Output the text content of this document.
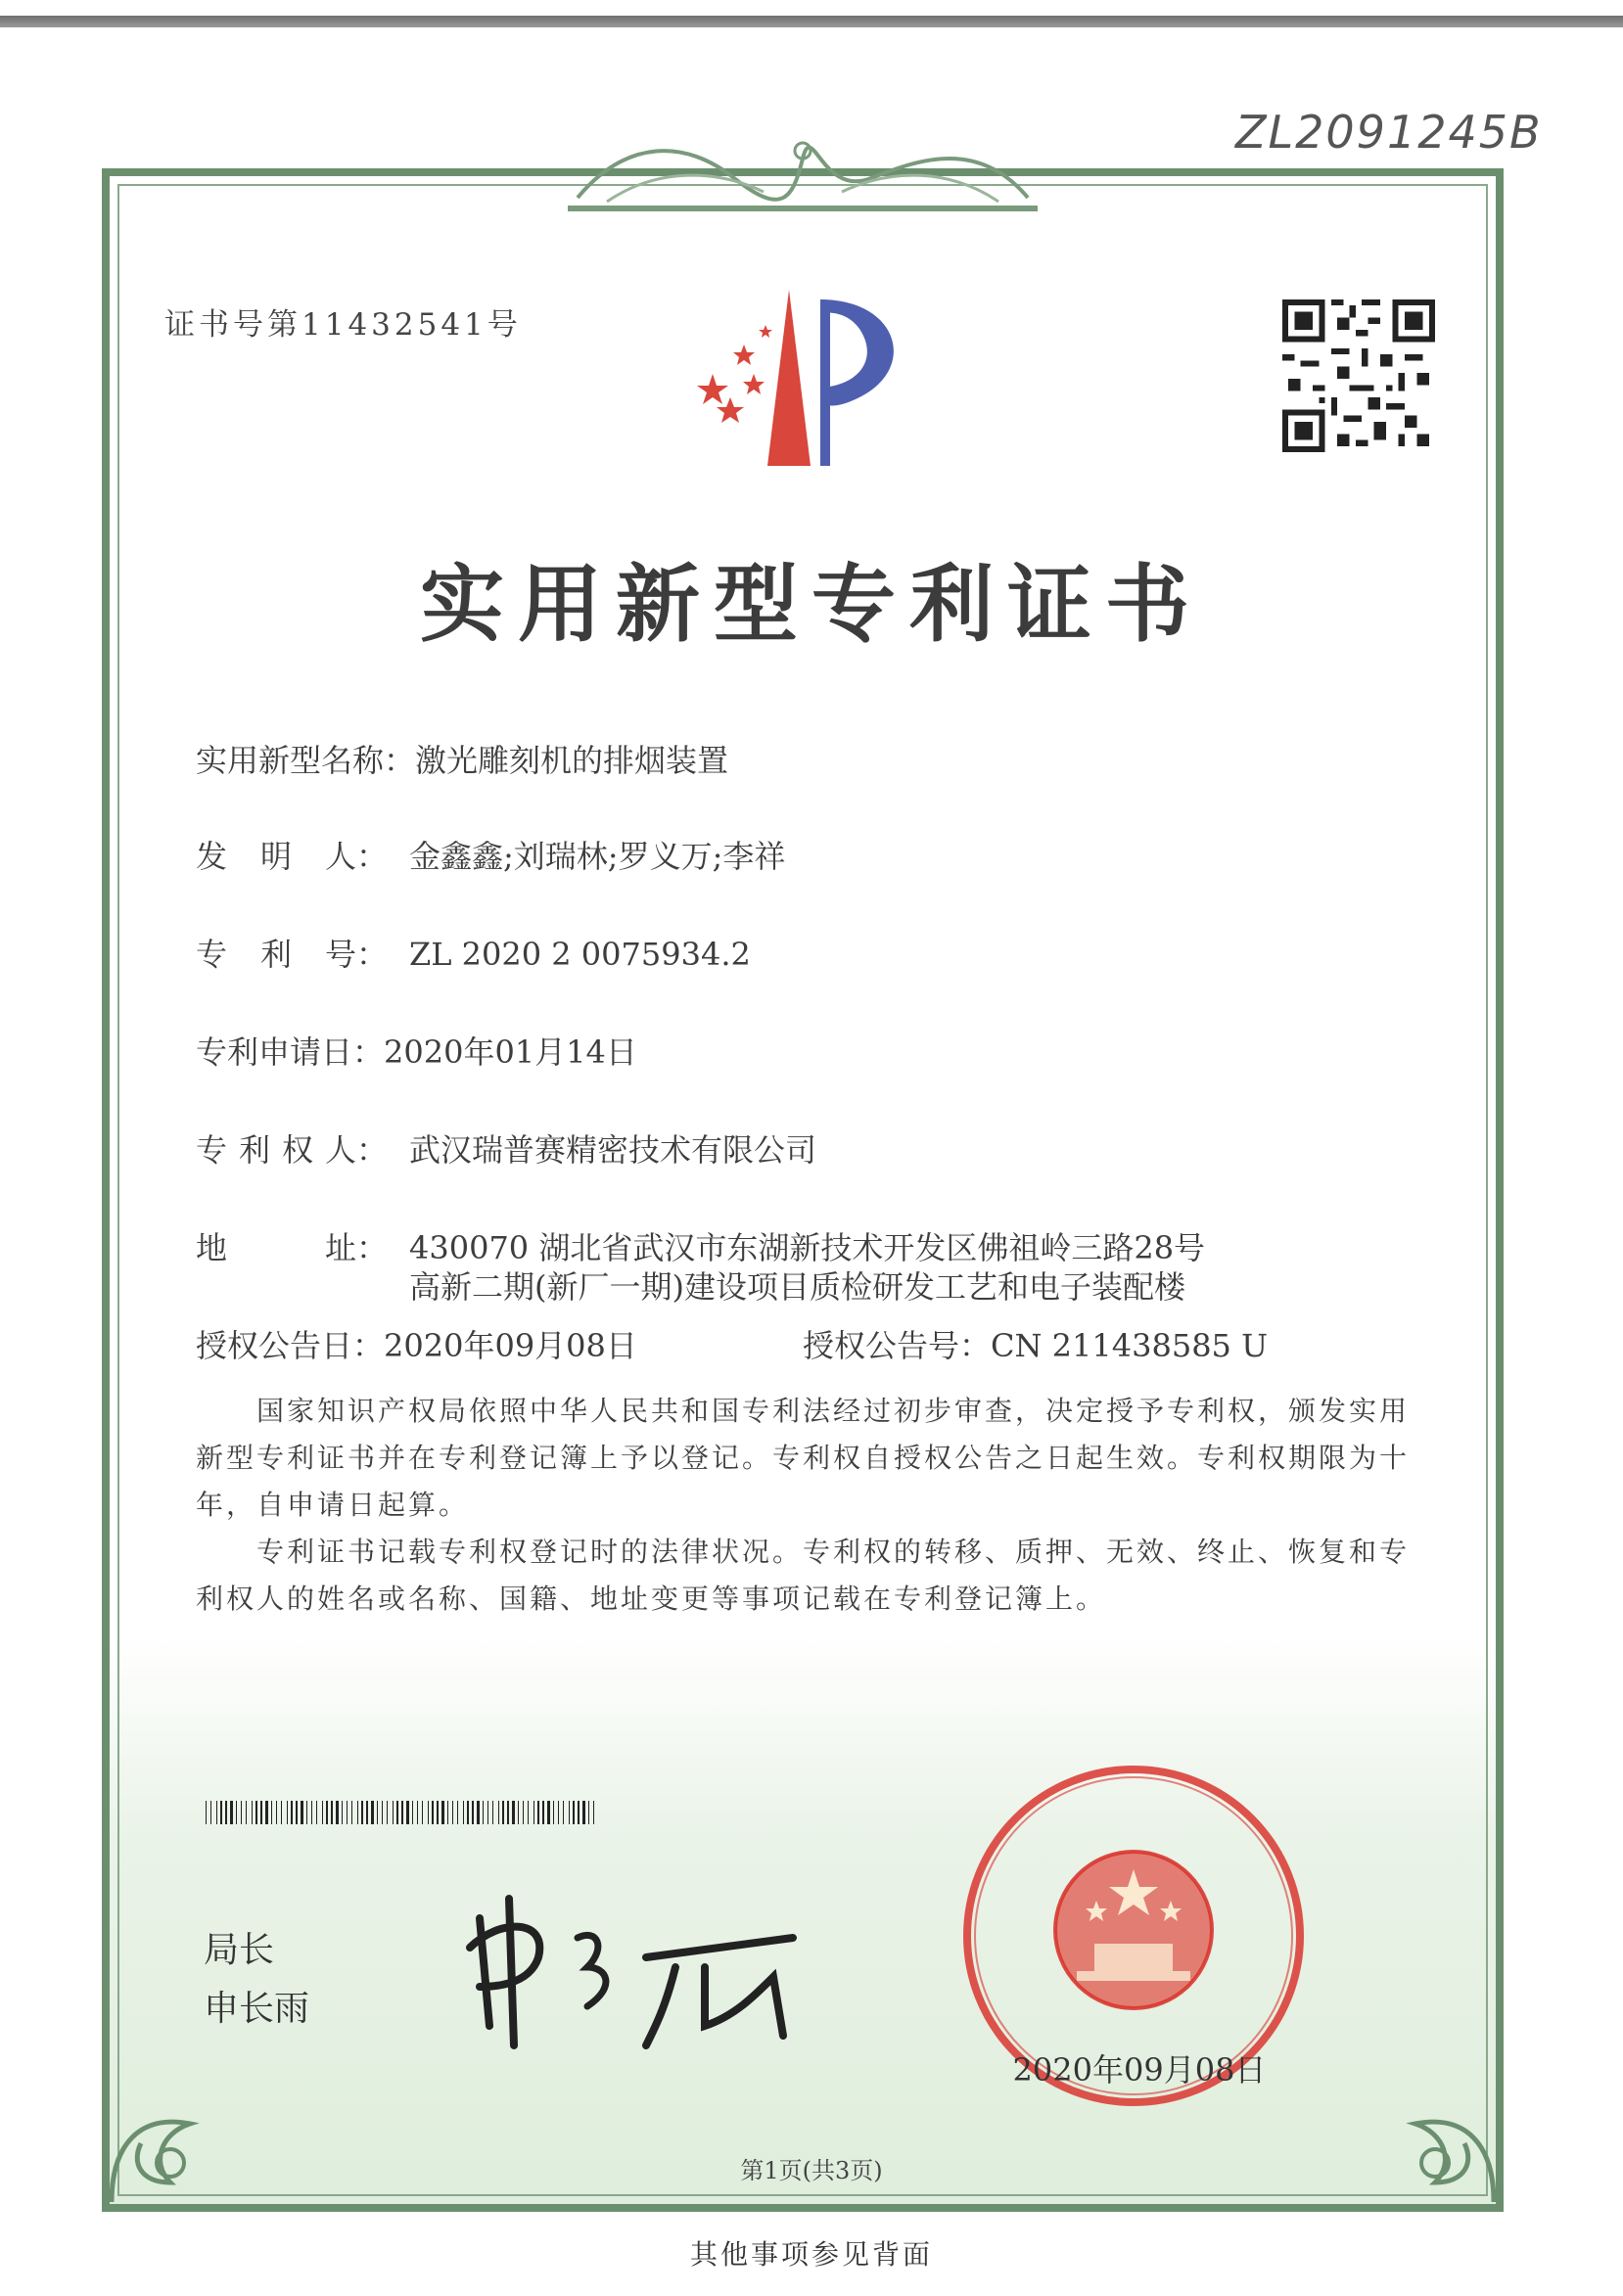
ZL2091245B
证书号第11432541号
实用新型专利证书
实用新型名称：激光雕刻机的排烟装置
发 明 人： 金鑫鑫;刘瑞林;罗义万;李祥
专 利 号： ZL 2020 2 0075934.2
专利申请日：2020年01月14日
专 利 权 人： 武汉瑞普赛精密技术有限公司
地	址： 430070 湖北省武汉市东湖新技术开发区佛祖岭三路28号
高新二期(新厂一期)建设项目质检研发工艺和电子装配楼
授权公告日：2020年09月08日	授权公告号：CN 211438585 U

国家知识产权局依照中华人民共和国专利法经过初步审查，决定授予专利权，颁发实用新型专利证书并在专利登记簿上予以登记。专利权自授权公告之日起生效。专利权期限为十年，自申请日起算。

专利证书记载专利权登记时的法律状况。专利权的转移、质押、无效、终止、恢复和专利权人的姓名或名称、国籍、地址变更等事项记载在专利登记簿上。

局长
申长雨
2020年09月08日
第1页(共3页)
其他事项参见背面
